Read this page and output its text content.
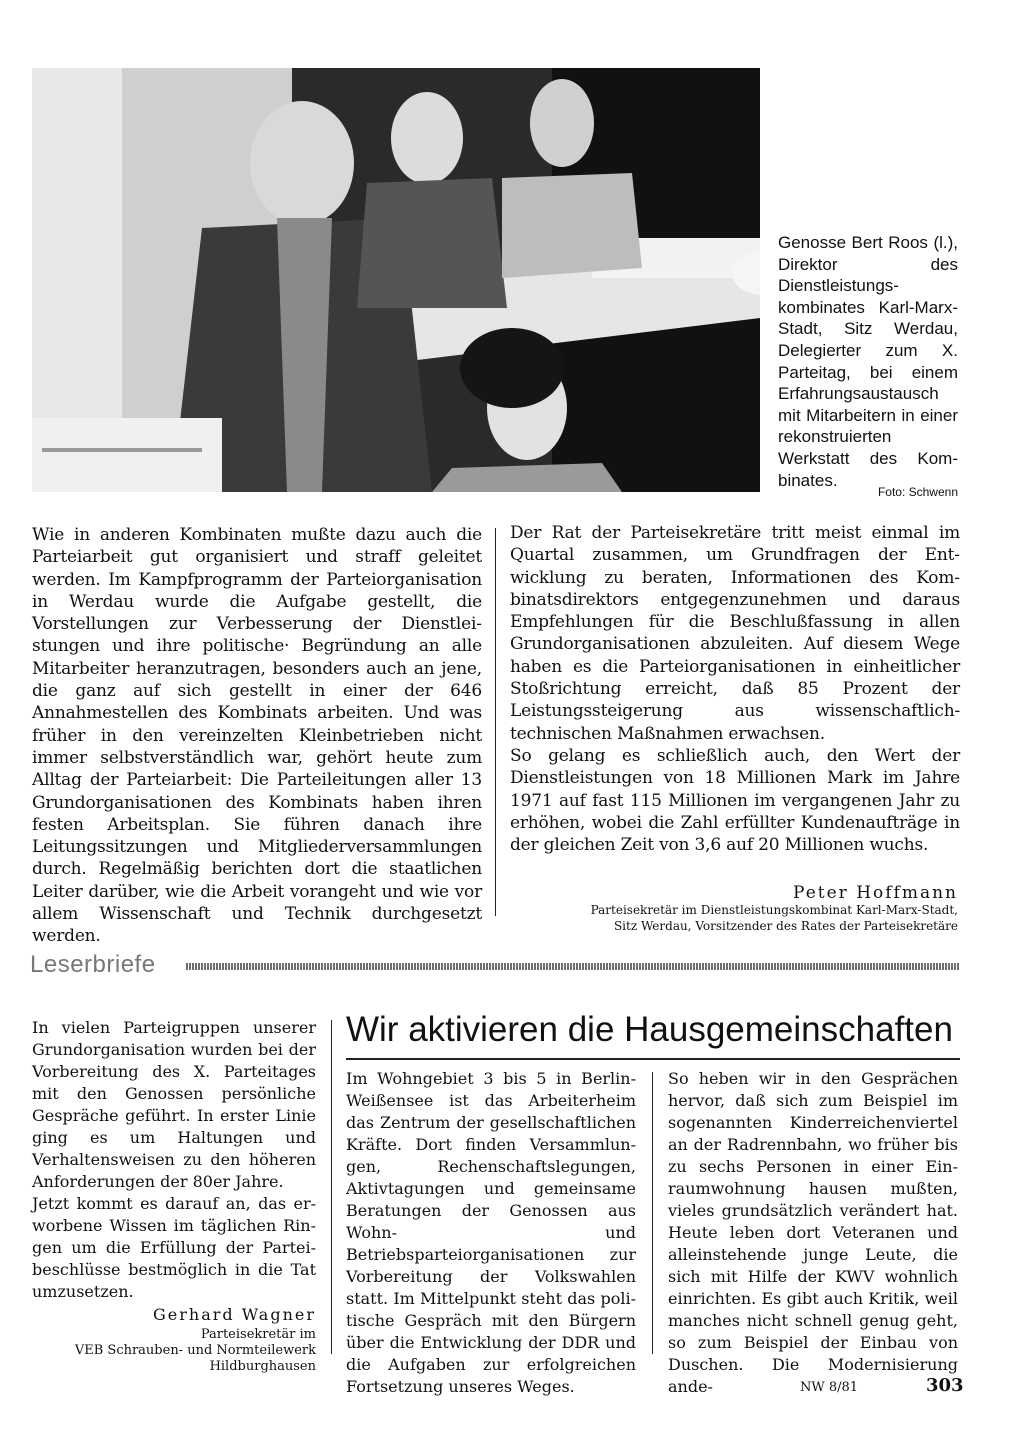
Genosse Bert Roos (l.), Direktor des Dienstleistungskombinates Karl-Marx-Stadt, Sitz Werdau, Delegierter zum X. Parteitag, bei einem Erfahrungsaustausch mit Mitarbeitern in einer rekonstruierten Werkstatt des Kombinates.
Foto: Schwenn

Wie in anderen Kombinaten mußte dazu auch die Parteiarbeit gut organisiert und straff geleitet werden. Im Kampfprogramm der Parteiorganisation in Werdau wurde die Aufgabe gestellt, die Vorstellungen zur Verbesserung der Dienstleistungen und ihre politische· Begründung an alle Mitarbeiter heranzutragen, besonders auch an jene, die ganz auf sich gestellt in einer der 646 Annahmestellen des Kombinats arbeiten. Und was früher in den vereinzelten Kleinbetrieben nicht immer selbstverständlich war, gehört heute zum Alltag der Parteiarbeit: Die Parteileitungen aller 13 Grundorganisationen des Kombinats haben ihren festen Arbeitsplan. Sie führen danach ihre Leitungssitzungen und Mitgliederversammlungen durch. Regelmäßig berichten dort die staatlichen Leiter darüber, wie die Arbeit vorangeht und wie vor allem Wissenschaft und Technik durchgesetzt werden.

Der Rat der Parteisekretäre tritt meist einmal im Quartal zusammen, um Grundfragen der Entwicklung zu beraten, Informationen des Kombinatsdirektors entgegenzunehmen und daraus Empfehlungen für die Beschlußfassung in allen Grundorganisationen abzuleiten. Auf diesem Wege haben es die Parteiorganisationen in einheitlicher Stoßrichtung erreicht, daß 85 Prozent der Leistungssteigerung aus wissenschaftlich-technischen Maßnahmen erwachsen.

So gelang es schließlich auch, den Wert der Dienstleistungen von 18 Millionen Mark im Jahre 1971 auf fast 115 Millionen im vergangenen Jahr zu erhöhen, wobei die Zahl erfüllter Kundenaufträge in der gleichen Zeit von 3,6 auf 20 Millionen wuchs.

Peter Hoffmann
Parteisekretär im Dienstleistungskombinat Karl-Marx-Stadt,
Sitz Werdau, Vorsitzender des Rates der Parteisekretäre
Leserbriefe

In vielen Parteigruppen unserer Grundorganisation wurden bei der Vorbereitung des X. Parteitages mit den Genossen persönliche Gespräche geführt. In erster Linie ging es um Haltungen und Verhaltensweisen zu den höheren Anforderungen der 80er Jahre.

Jetzt kommt es darauf an, das erworbene Wissen im täglichen Ringen um die Erfüllung der Parteibeschlüsse bestmöglich in die Tat umzusetzen.

Gerhard Wagner
Parteisekretär im
VEB Schrauben- und Normteilewerk
Hildburghausen
Wir aktivieren die Hausgemeinschaften
Im Wohngebiet 3 bis 5 in Berlin-Weißensee ist das Arbeiterheim das Zentrum der gesellschaftlichen Kräfte. Dort finden Versammlungen, Rechenschaftslegungen, Aktivtagungen und gemeinsame Beratungen der Genossen aus Wohn- und Betriebsparteiorganisationen zur Vorbereitung der Volkswahlen statt. Im Mittelpunkt steht das politische Gespräch mit den Bürgern über die Entwicklung der DDR und die Aufgaben zur erfolgreichen Fortsetzung unseres Weges.
So heben wir in den Gesprächen hervor, daß sich zum Beispiel im sogenannten Kinderreichenviertel an der Radrennbahn, wo früher bis zu sechs Personen in einer Einraumwohnung hausen mußten, vieles grundsätzlich verändert hat. Heute leben dort Veteranen und alleinstehende junge Leute, die sich mit Hilfe der KWV wohnlich einrichten. Es gibt auch Kritik, weil manches nicht schnell genug geht, so zum Beispiel der Einbau von Duschen. Die Modernisierung ande-	NW 8/81	303
